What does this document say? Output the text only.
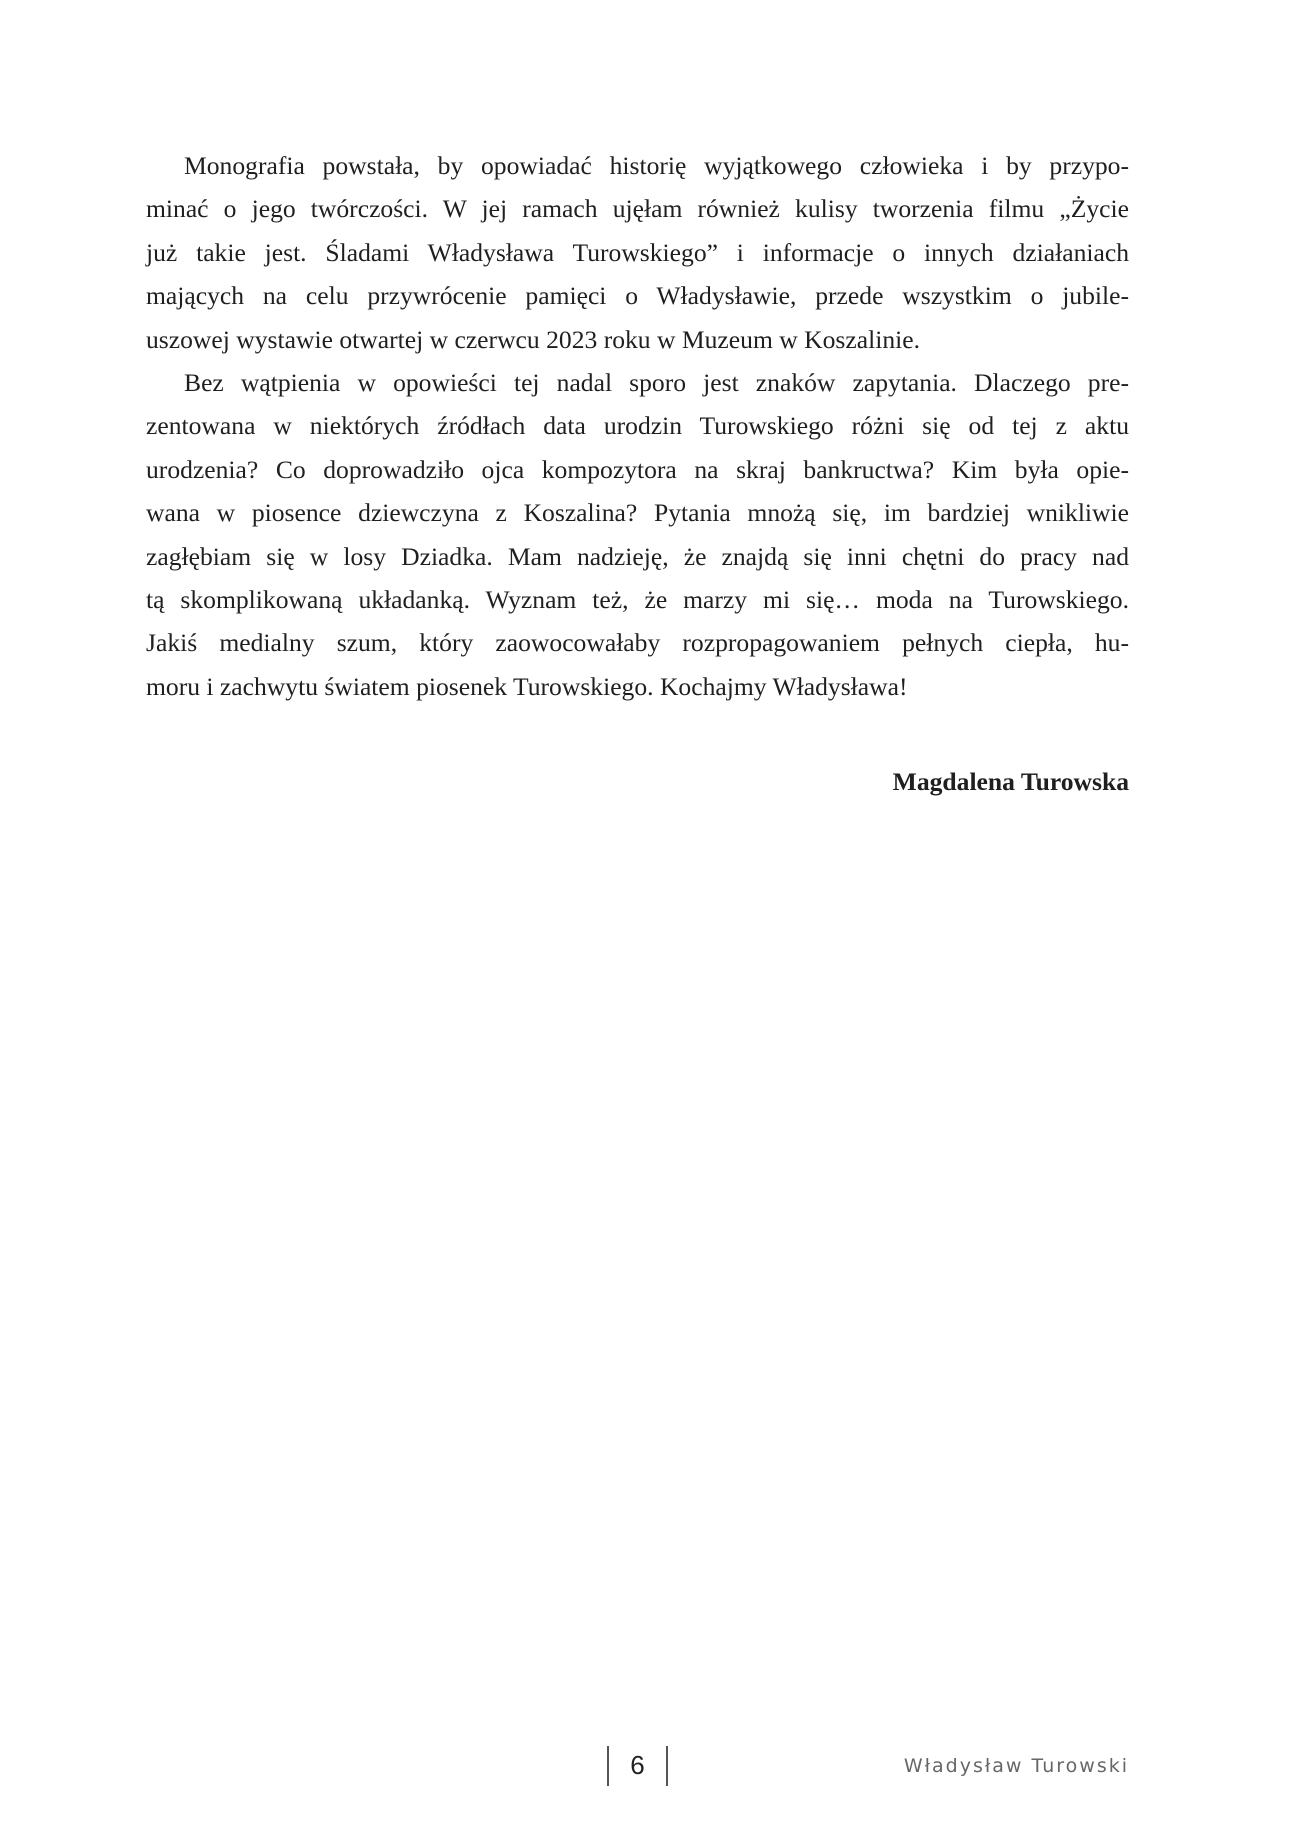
Monografia powstała, by opowiadać historię wyjątkowego człowieka i by przypo-
minać o jego twórczości. W jej ramach ujęłam również kulisy tworzenia filmu „Życie
już takie jest. Śladami Władysława Turowskiego” i informacje o innych działaniach
mających na celu przywrócenie pamięci o Władysławie, przede wszystkim o jubile-
uszowej wystawie otwartej w czerwcu 2023 roku w Muzeum w Koszalinie.
Bez wątpienia w opowieści tej nadal sporo jest znaków zapytania. Dlaczego pre-
zentowana w niektórych źródłach data urodzin Turowskiego różni się od tej z aktu
urodzenia? Co doprowadziło ojca kompozytora na skraj bankructwa? Kim była opie-
wana w piosence dziewczyna z Koszalina? Pytania mnożą się, im bardziej wnikliwie
zagłębiam się w losy Dziadka. Mam nadzieję, że znajdą się inni chętni do pracy nad
tą skomplikowaną układanką. Wyznam też, że marzy mi się… moda na Turowskiego.
Jakiś medialny szum, który zaowocowałaby rozpropagowaniem pełnych ciepła, hu-
moru i zachwytu światem piosenek Turowskiego. Kochajmy Władysława!
Magdalena Turowska
6	Władysław Turowski
